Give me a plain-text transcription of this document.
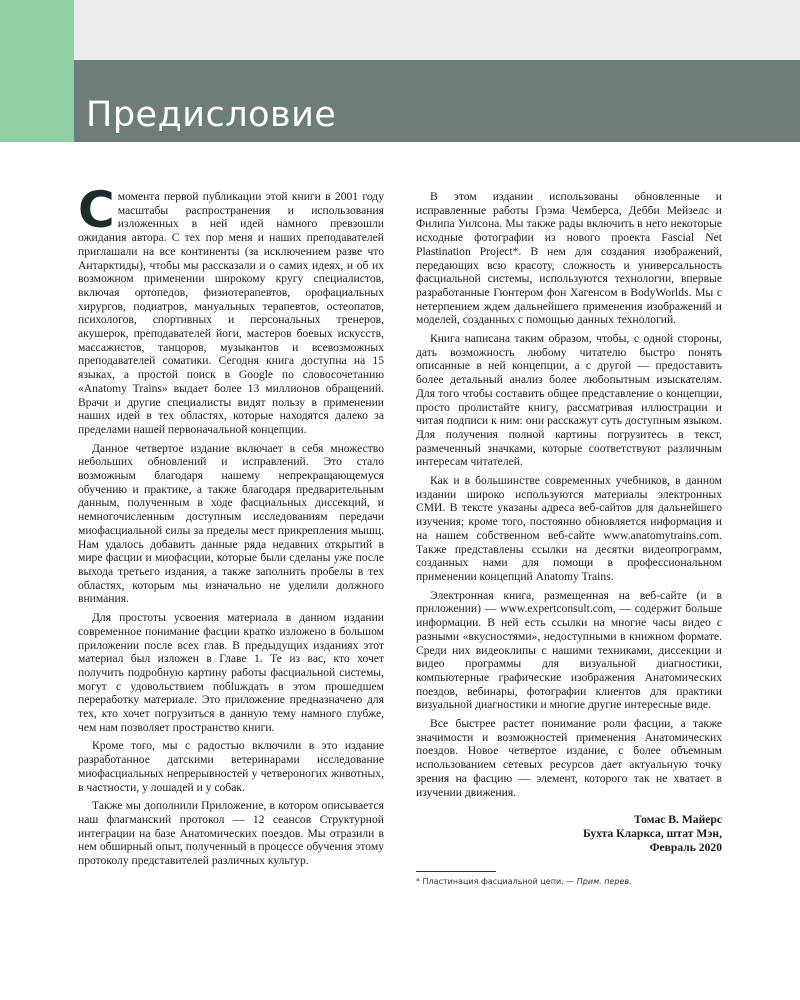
Предисловие

Смомента первой публикации этой книги в 2001 году масштабы распространения и использования изложенных в ней идей намного превзошли ожидания автора. С тех пор меня и наших преподавателей приглашали на все континенты (за исключением разве что Антарктиды), чтобы мы рассказали и о самих идеях, и об их возможном применении широкому кругу специалистов, включая ортопедов, физиотерапевтов, орофациальных хирургов, подиатров, мануальных терапевтов, остеопатов, психологов, спортивных и персональных тренеров, акушерок, преподавателей йоги, мастеров боевых искусств, массажистов, танцоров, музыкантов и всевозможных преподавателей соматики. Сегодня книга доступна на 15 языках, а простой поиск в Google по словосочетанию «Anatomy Trains» выдает более 13 миллионов обращений. Врачи и другие специалисты видят пользу в применении наших идей в тех областях, которые находятся далеко за пределами нашей первоначальной концепции.

Данное четвертое издание включает в себя множество небольших обновлений и исправлений. Это стало возможным благодаря нашему непрекращающемуся обучению и практике, а также благодаря предварительным данным, полученным в ходе фасциальных диссекций, и немногочисленным доступным исследованиям передачи миофасциальной силы за пределы мест прикрепления мышц. Нам удалось добавить данные ряда недавних открытий в мире фасции и миофасции, которые были сделаны уже после выхода третьего издания, а также заполнить пробелы в тех областях, которым мы изначально не уделили должного внимания.

Для простоты усвоения материала в данном издании современное понимание фасции кратко изложено в большом приложении после всех глав. В предыдущих изданиях этот материал был изложен в Главе 1. Те из вас, кто хочет получить подробную картину работы фасциальной системы, могут с удовольствием побluждать в этом прошедшем переработку материале. Это приложение предназначено для тех, кто хочет погрузиться в данную тему намного глубже, чем нам позволяет пространство книги.

Кроме того, мы с радостью включили в это издание разработанное датскими ветеринарами исследование миофасциальных непрерывностей у четвероногих животных, в частности, у лошадей и у собак.

Также мы дополнили Приложение, в котором описывается наш флагманский протокол — 12 сеансов Структурной интеграции на базе Анатомических поездов. Мы отразили в нем обширный опыт, полученный в процессе обучения этому протоколу представителей различных культур.

В этом издании использованы обновленные и исправленные работы Грэма Чемберса, Дебби Мейзелс и Филипа Уилсона. Мы также рады включить в него некоторые исходные фотографии из нового проекта Fascial Net Plastination Project*. В нем для создания изображений, передающих всю красоту, сложность и универсальность фасциальной системы, используются технологии, впервые разработанные Гюнтером фон Хагенсом в BodyWorlds. Мы с нетерпением ждем дальнейшего применения изображений и моделей, созданных с помощью данных технологий.

Книга написана таким образом, чтобы, с одной стороны, дать возможность любому читателю быстро понять описанные в ней концепции, а с другой — предоставить более детальный анализ более любопытным изыскателям. Для того чтобы составить общее представление о концепции, просто пролистайте книгу, рассматривая иллюстрации и читая подписи к ним: они расскажут суть доступным языком. Для получения полной картины погрузитесь в текст, размеченный значками, которые соответствуют различным интересам читателей.

Как и в большинстве современных учебников, в данном издании широко используются материалы электронных СМИ. В тексте указаны адреса веб-сайтов для дальнейшего изучения; кроме того, постоянно обновляется информация и на нашем собственном веб-сайте www.anatomytrains.com. Также представлены ссылки на десятки видеопрограмм, созданных нами для помощи в профессиональном применении концепций Anatomy Trains.

Электронная книга, размещенная на веб-сайте (и в приложении) — www.expertconsult.com, — содержит больше информации. В ней есть ссылки на многие часы видео с разными «вкусностями», недоступными в книжном формате. Среди них видеоклипы с нашими техниками, диссекции и видео программы для визуальной диагностики, компьютерные графические изображения Анатомических поездов, вебинары, фотографии клиентов для практики визуальной диагностики и многие другие интересные виде.

Все быстрее растет понимание роли фасции, а также значимости и возможностей применения Анатомических поездов. Новое четвертое издание, с более объемным использованием сетевых ресурсов дает актуальную точку зрения на фасцию — элемент, которого так не хватает в изучении движения.

Томас В. Майерс
Бухта Кларкса, штат Мэн,
Февраль 2020
* Пластинация фасциальной цепи. — Прим. перев.
